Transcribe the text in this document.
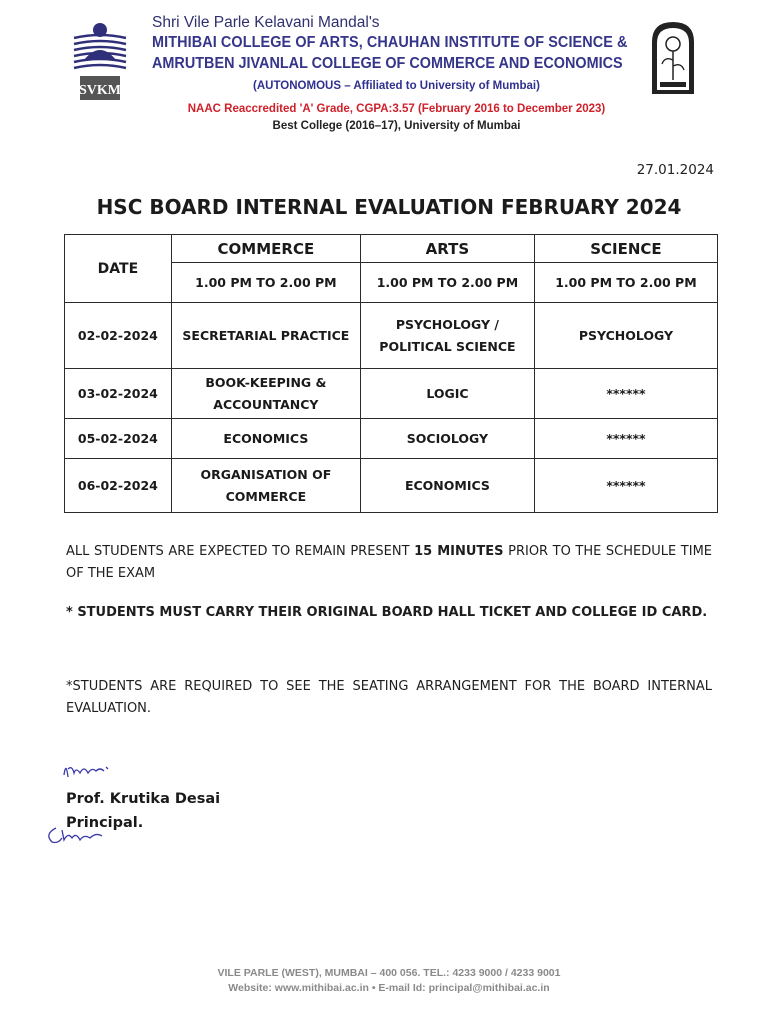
SVKM
Shri Vile Parle Kelavani Mandal's
MITHIBAI COLLEGE OF ARTS, CHAUHAN INSTITUTE OF SCIENCE &
AMRUTBEN JIVANLAL COLLEGE OF COMMERCE AND ECONOMICS
(AUTONOMOUS – Affiliated to University of Mumbai)
NAAC Reaccredited 'A' Grade, CGPA:3.57 (February 2016 to December 2023)
Best College (2016–17), University of Mumbai
27.01.2024
HSC BOARD INTERNAL EVALUATION FEBRUARY 2024
DATE	COMMERCE	ARTS	SCIENCE
	1.00 PM TO 2.00 PM	1.00 PM TO 2.00 PM	1.00 PM TO 2.00 PM
02-02-2024	SECRETARIAL PRACTICE	PSYCHOLOGY / POLITICAL SCIENCE	PSYCHOLOGY
03-02-2024	BOOK-KEEPING & ACCOUNTANCY	LOGIC	******
05-02-2024	ECONOMICS	SOCIOLOGY	******
06-02-2024	ORGANISATION OF COMMERCE	ECONOMICS	******
ALL STUDENTS ARE EXPECTED TO REMAIN PRESENT 15 MINUTES PRIOR TO THE SCHEDULE TIME OF THE EXAM
* STUDENTS MUST CARRY THEIR ORIGINAL BOARD HALL TICKET AND COLLEGE ID CARD.
*STUDENTS ARE REQUIRED TO SEE THE SEATING ARRANGEMENT FOR THE BOARD INTERNAL EVALUATION.
Prof. Krutika Desai
Principal.
VILE PARLE (WEST), MUMBAI – 400 056. TEL.: 4233 9000 / 4233 9001
Website: www.mithibai.ac.in • E-mail Id: principal@mithibai.ac.in
